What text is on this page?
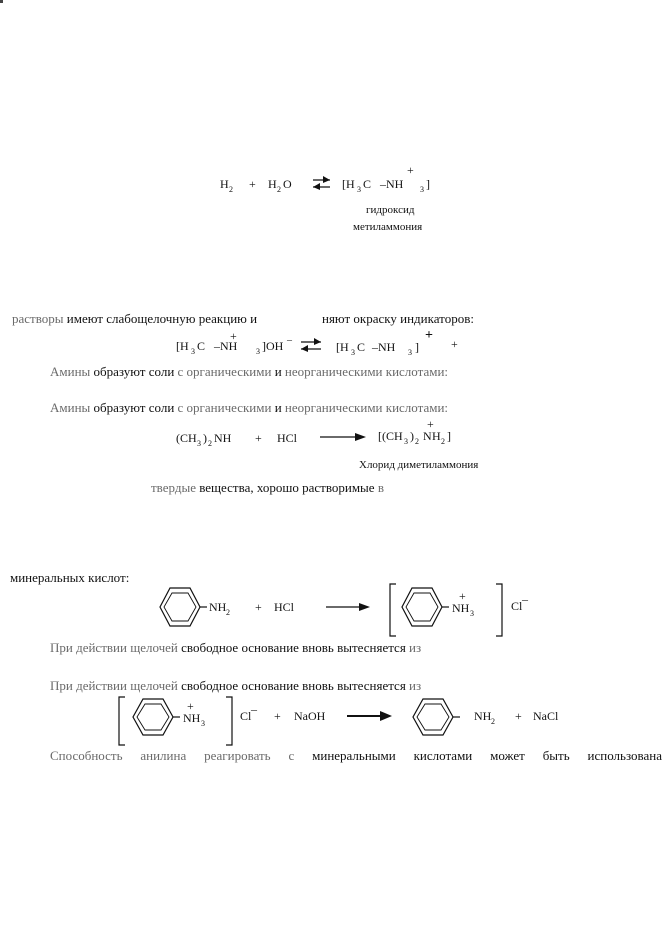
H 2 + H 2 O	[H 3 C –NH
+
3 ]
гидроксид
метиламмония
растворы имеют слабощелочную реакцию и	няют окраску индикаторов:
[H 3 C
+
–NH 3 ]OH –	[H 3 C –NH 3 ]
+
+
Амины образуют соли с органическими и неорганическими кислотами:
Амины образуют соли с органическими и неорганическими кислотами:
(CH 3 ) 2 NH + HCl	[(CH 3 ) 2
+
N H 2 ]
Хлорид диметиламмония
твердые вещества, хорошо растворимые в
минеральных кислот:
NH 2 + HCl
+
NH 3
Cl –
При действии щелочей свободное основание вновь вытесняется из
При действии щелочей свободное основание вновь вытесняется из
+
NH 3
Cl – + NaOH	NH 2 + NaCl
Способность анилина реагировать с минеральными кислотами может быть использована
